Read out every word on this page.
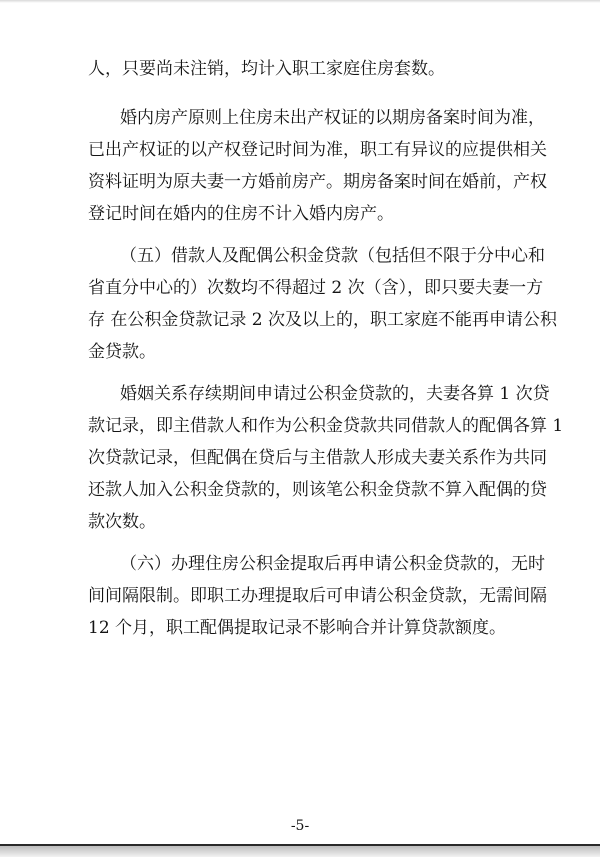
人，只要尚未注销，均计入职工家庭住房套数。
婚内房产原则上住房未出产权证的以期房备案时间为准，
已出产权证的以产权登记时间为准，职工有异议的应提供相关
资料证明为原夫妻一方婚前房产。期房备案时间在婚前，产权
登记时间在婚内的住房不计入婚内房产。
（五）借款人及配偶公积金贷款（包括但不限于分中心和
省直分中心的）次数均不得超过 2 次（含），即只要夫妻一方
存 在公积金贷款记录 2 次及以上的，职工家庭不能再申请公积
金贷款。
婚姻关系存续期间申请过公积金贷款的，夫妻各算 1 次贷
款记录，即主借款人和作为公积金贷款共同借款人的配偶各算 1
次贷款记录，但配偶在贷后与主借款人形成夫妻关系作为共同
还款人加入公积金贷款的，则该笔公积金贷款不算入配偶的贷
款次数。
（六）办理住房公积金提取后再申请公积金贷款的，无时
间间隔限制。即职工办理提取后可申请公积金贷款，无需间隔
12 个月，职工配偶提取记录不影响合并计算贷款额度。
-5-
